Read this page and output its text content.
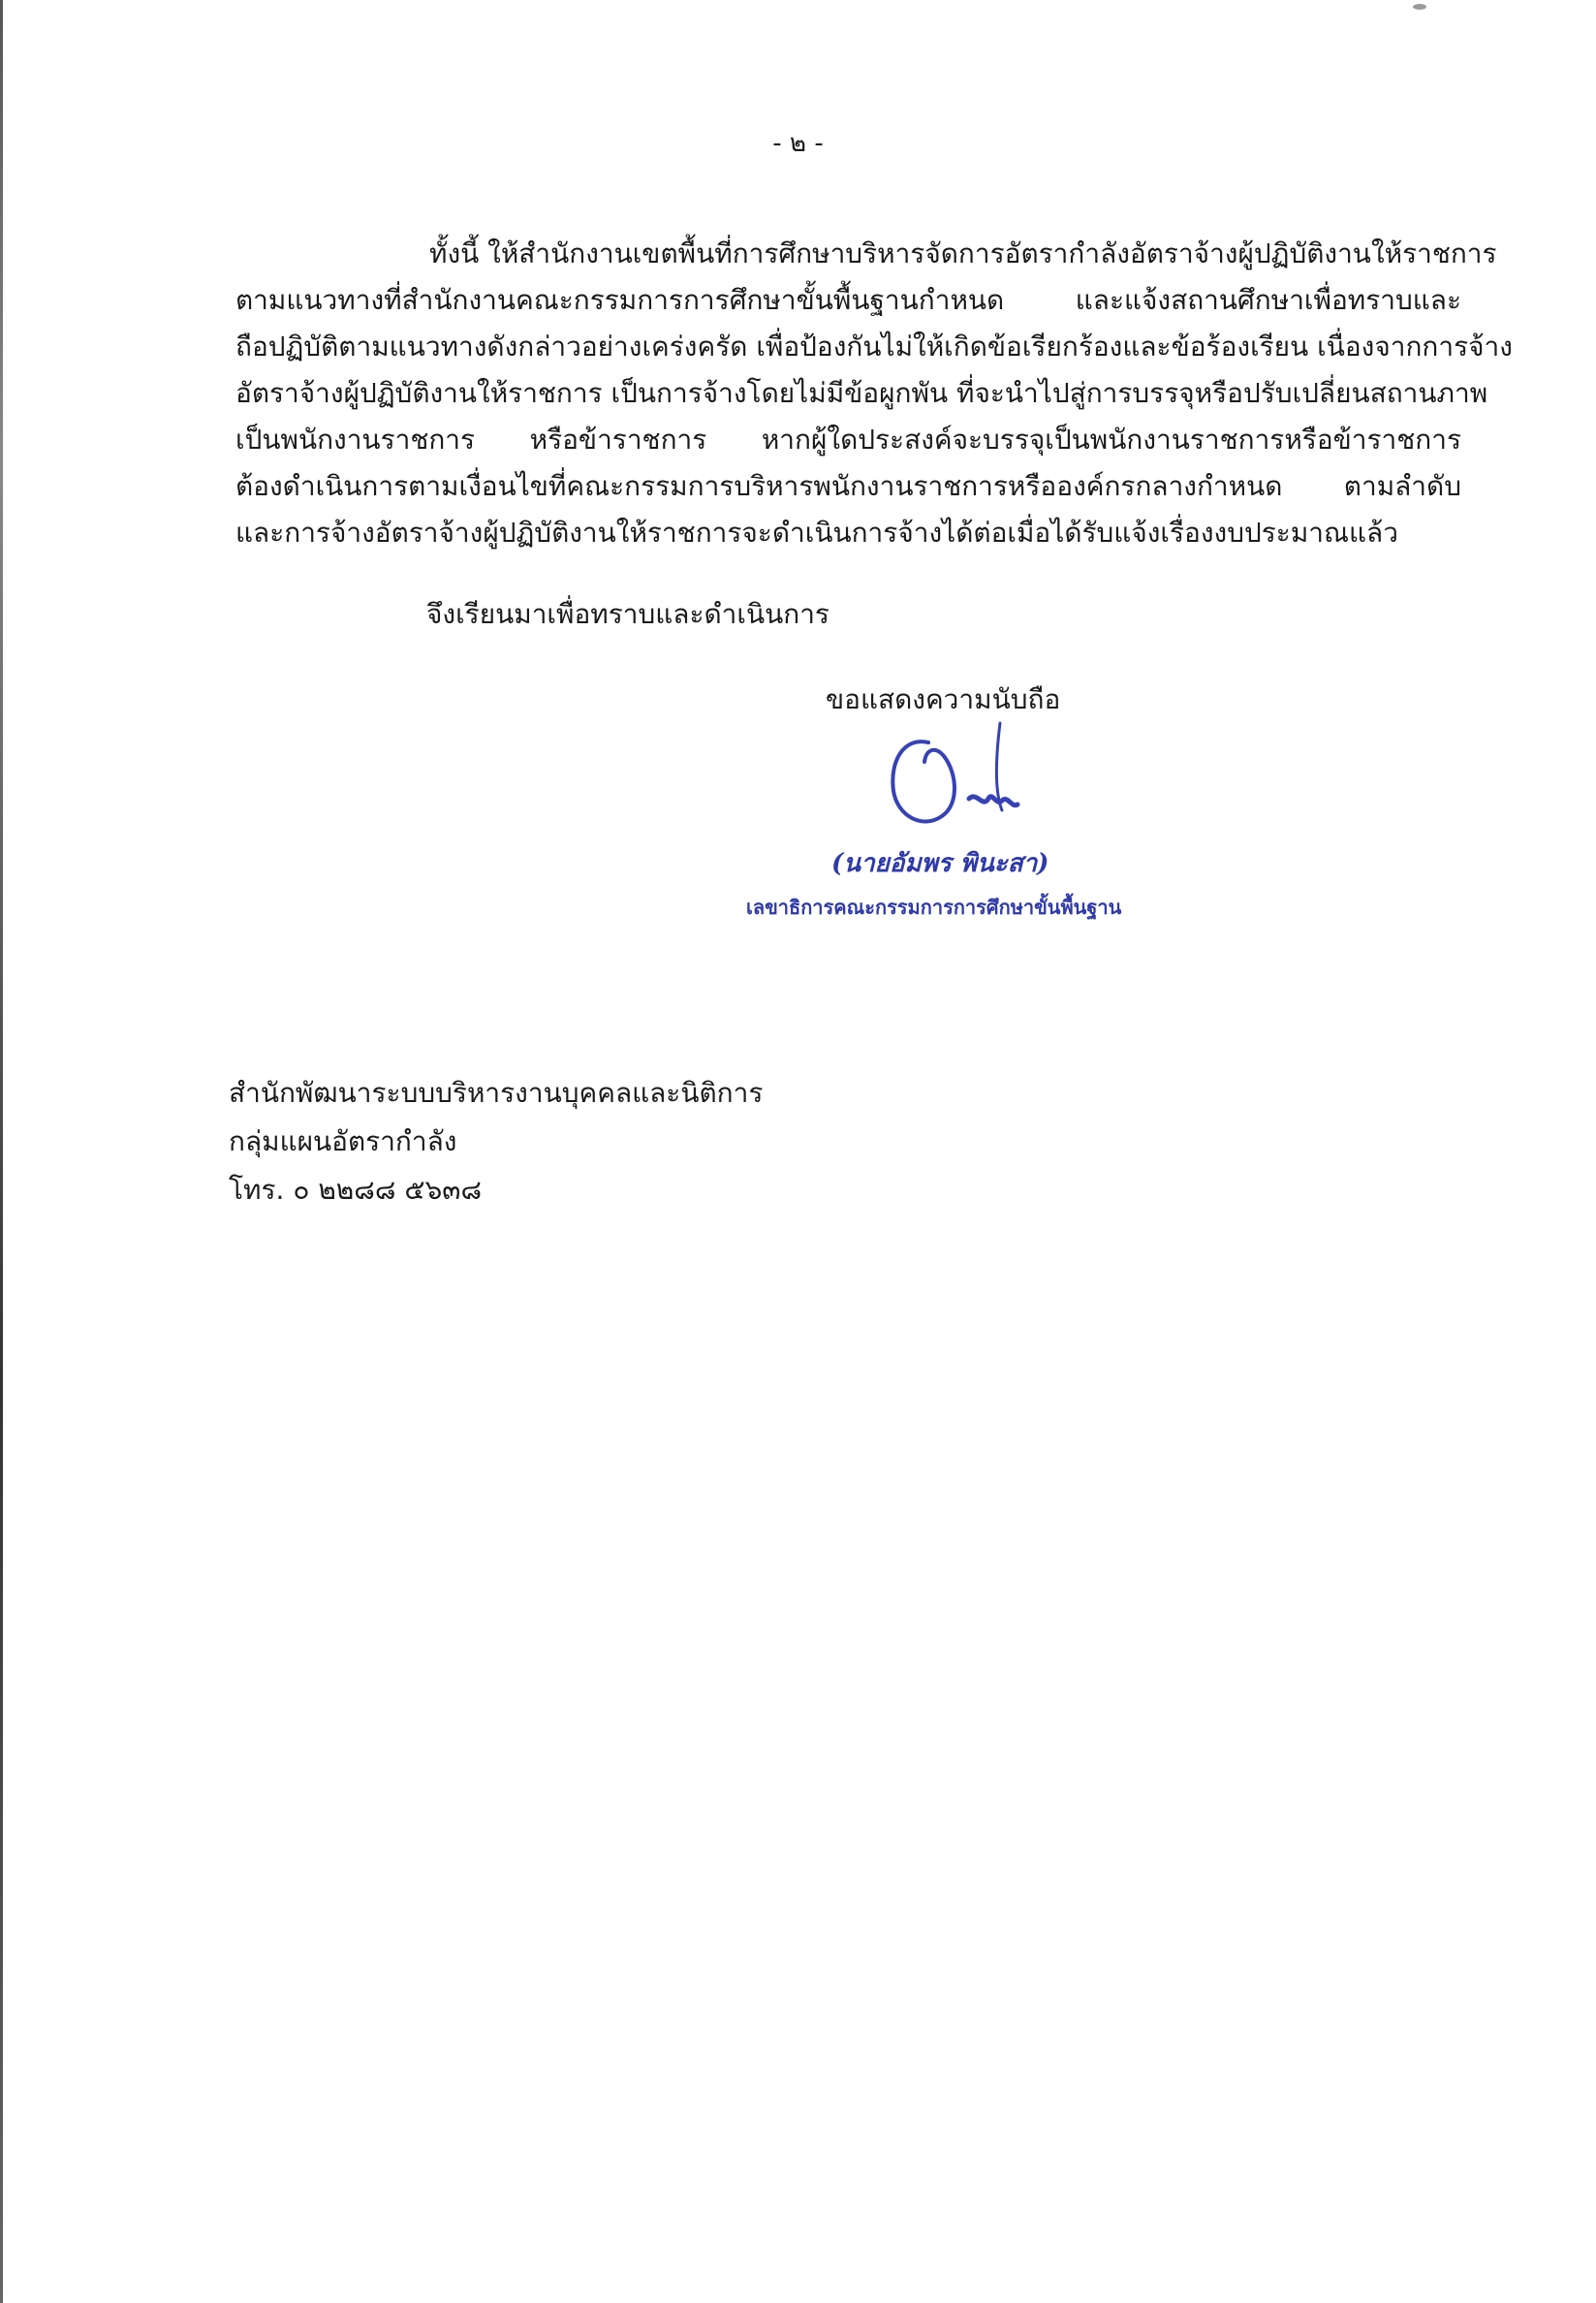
- ๒ -
ทั้งนี้ ให้สำนักงานเขตพื้นที่การศึกษาบริหารจัดการอัตรากำลังอัตราจ้างผู้ปฏิบัติงานให้ราชการ
ตามแนวทางที่สำนักงานคณะกรรมการการศึกษาขั้นพื้นฐานกำหนด และแจ้งสถานศึกษาเพื่อทราบและ
ถือปฏิบัติตามแนวทางดังกล่าวอย่างเคร่งครัด เพื่อป้องกันไม่ให้เกิดข้อเรียกร้องและข้อร้องเรียน เนื่องจากการจ้าง
อัตราจ้างผู้ปฏิบัติงานให้ราชการ เป็นการจ้างโดยไม่มีข้อผูกพัน ที่จะนำไปสู่การบรรจุหรือปรับเปลี่ยนสถานภาพ
เป็นพนักงานราชการ หรือข้าราชการ หากผู้ใดประสงค์จะบรรจุเป็นพนักงานราชการหรือข้าราชการ
ต้องดำเนินการตามเงื่อนไขที่คณะกรรมการบริหารพนักงานราชการหรือองค์กรกลางกำหนด ตามลำดับ
และการจ้างอัตราจ้างผู้ปฏิบัติงานให้ราชการจะดำเนินการจ้างได้ต่อเมื่อได้รับแจ้งเรื่องงบประมาณแล้ว
จึงเรียนมาเพื่อทราบและดำเนินการ
ขอแสดงความนับถือ
(นายอัมพร พินะสา)
เลขาธิการคณะกรรมการการศึกษาขั้นพื้นฐาน
สำนักพัฒนาระบบบริหารงานบุคคลและนิติการ
กลุ่มแผนอัตรากำลัง
โทร. ๐ ๒๒๘๘ ๕๖๓๘
